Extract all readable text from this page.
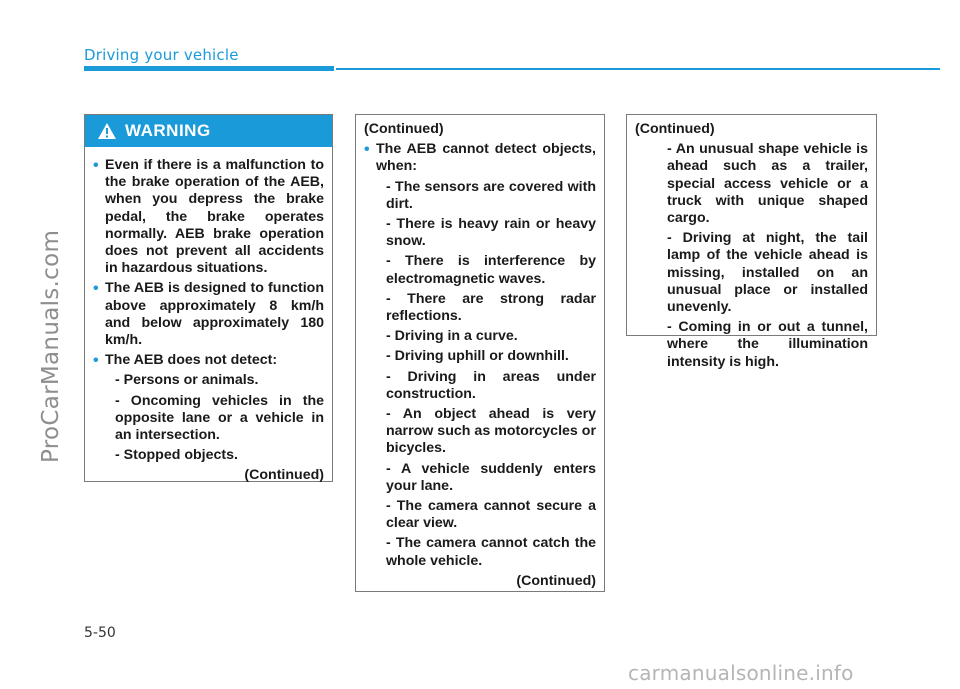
Driving your vehicle
ProCarManuals.com
WARNING
• Even if there is a malfunction to the brake operation of the AEB, when you depress the brake pedal, the brake operates normally. AEB brake operation does not prevent all accidents in hazardous situations.
• The AEB is designed to function above approximately 8 km/h and below approximately 180 km/h.
• The AEB does not detect:
- Persons or animals.
- Oncoming vehicles in the opposite lane or a vehicle in an intersection.
- Stopped objects.
(Continued)
(Continued)
• The AEB cannot detect objects, when:
- The sensors are covered with dirt.
- There is heavy rain or heavy snow.
- There is interference by electromagnetic waves.
- There are strong radar reflections.
- Driving in a curve.
- Driving uphill or downhill.
- Driving in areas under construction.
- An object ahead is very narrow such as motorcycles or bicycles.
- A vehicle suddenly enters your lane.
- The camera cannot secure a clear view.
- The camera cannot catch the whole vehicle.
(Continued)
(Continued)
- An unusual shape vehicle is ahead such as a trailer, special access vehicle or a truck with unique shaped cargo.
- Driving at night, the tail lamp of the vehicle ahead is missing, installed on an unusual place or installed unevenly.
- Coming in or out a tunnel, where the illumination intensity is high.
5-50
carmanualsonline.info
